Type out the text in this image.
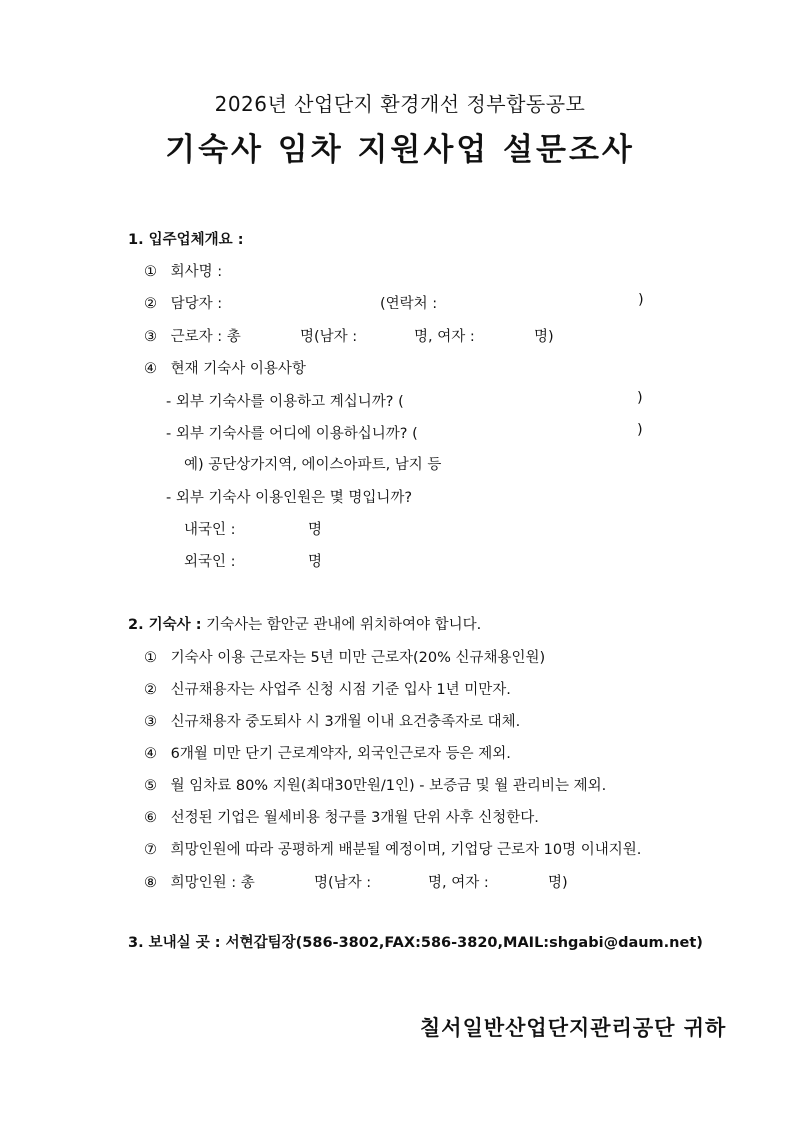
2026년 산업단지 환경개선 정부합동공모
기숙사 임차 지원사업 설문조사
1. 입주업체개요 :
① 회사명 :
② 담당자 :	(연락처 :	)
③ 근로자 : 총	명(남자 :	명, 여자 :	명)
④ 현재 기숙사 이용사항
- 외부 기숙사를 이용하고 계십니까? (	)
- 외부 기숙사를 어디에 이용하십니까? (	)
예) 공단상가지역, 에이스아파트, 남지 등
- 외부 기숙사 이용인원은 몇 명입니까?
내국인 :	명
외국인 :	명
2. 기숙사 : 기숙사는 함안군 관내에 위치하여야 합니다.
① 기숙사 이용 근로자는 5년 미만 근로자(20% 신규채용인원)
② 신규채용자는 사업주 신청 시점 기준 입사 1년 미만자.
③ 신규채용자 중도퇴사 시 3개월 이내 요건충족자로 대체.
④ 6개월 미만 단기 근로계약자, 외국인근로자 등은 제외.
⑤ 월 임차료 80% 지원(최대30만원/1인) - 보증금 및 월 관리비는 제외.
⑥ 선정된 기업은 월세비용 청구를 3개월 단위 사후 신청한다.
⑦ 희망인원에 따라 공평하게 배분될 예정이며, 기업당 근로자 10명 이내지원.
⑧ 희망인원 : 총	명(남자 :	명, 여자 :	명)
3. 보내실 곳 : 서현갑팀장(586-3802,FAX:586-3820,MAIL:shgabi@daum.net)
칠서일반산업단지관리공단 귀하
